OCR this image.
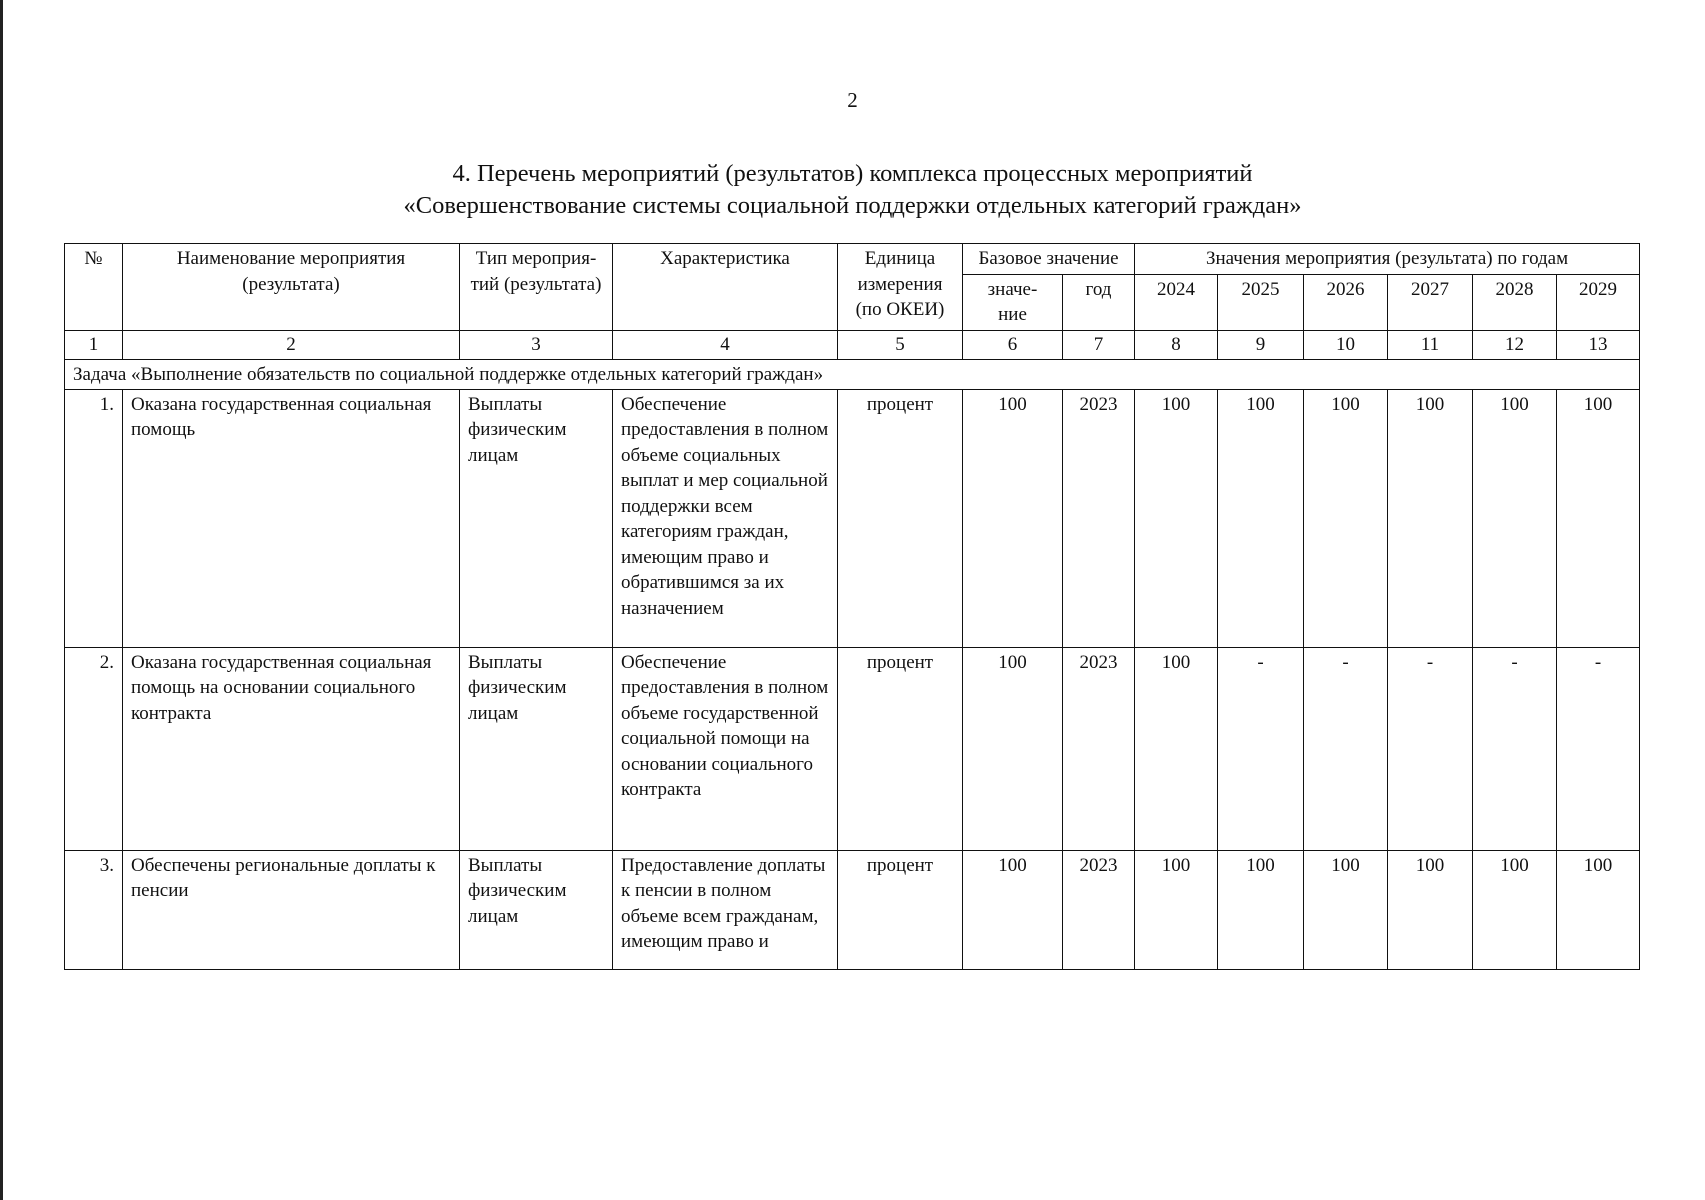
2
4. Перечень мероприятий (результатов) комплекса процессных мероприятий
«Совершенствование системы социальной поддержки отдельных категорий граждан»
№	Наименование мероприятия (результата)	Тип мероприя- тий (результата)	Характеристика	Единица измерения (по ОКЕИ)	Базовое значение		Значения мероприятия (результата) по годам					
					значе- ние	год	2024	2025	2026	2027	2028	2029
1	2	3	4	5	6	7	8	9	10	11	12	13
Задача «Выполнение обязательств по социальной поддержке отдельных категорий граждан»												
1.	Оказана государственная социальная помощь	Выплаты физическим лицам	Обеспечение предоставления в полном объеме социальных выплат и мер социальной поддержки всем категориям граждан, имеющим право и обратившимся за их назначением	процент	100	2023	100	100	100	100	100	100
2.	Оказана государственная социальная помощь на основании социального контракта	Выплаты физическим лицам	Обеспечение предоставления в полном объеме государственной социальной помощи на основании социального контракта	процент	100	2023	100	-	-	-	-	-
3.	Обеспечены региональные доплаты к пенсии	Выплаты физическим лицам	Предоставление доплаты к пенсии в полном объеме всем гражданам, имеющим право и	процент	100	2023	100	100	100	100	100	100
